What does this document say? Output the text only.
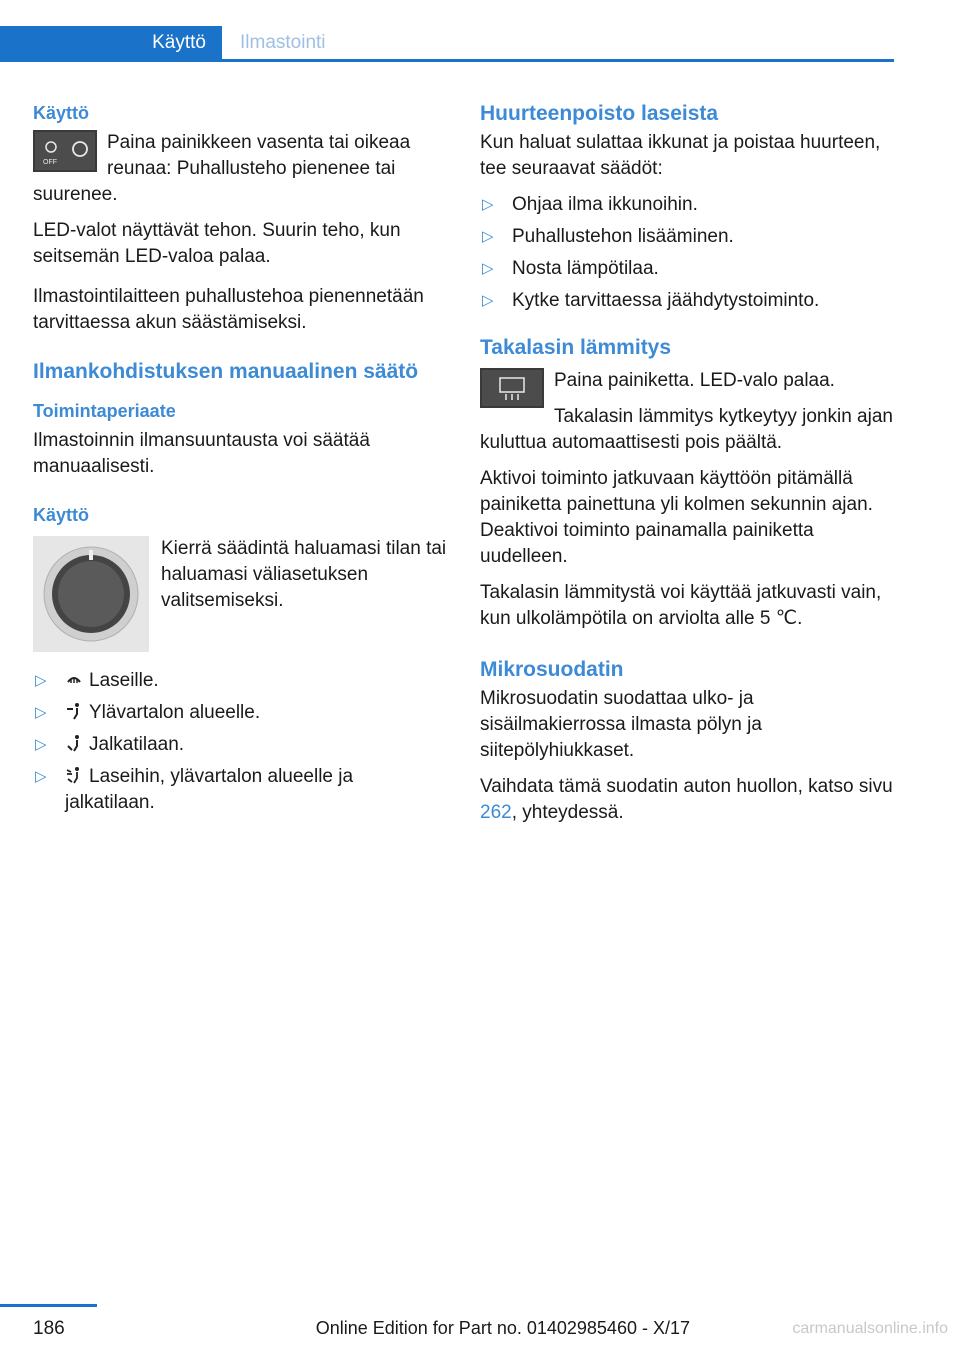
Käyttö	Ilmastointi
Käyttö
OFF

Paina painikkeen vasenta tai oikeaa reunaa: Puhallusteho pienenee tai suurenee.

LED-valot näyttävät tehon. Suurin teho, kun seitsemän LED-valoa palaa.

Ilmastointilaitteen puhallustehoa pienennetään tarvittaessa akun säästämiseksi.

Ilmankohdistuksen manuaalinen säätö
Toimintaperiaate

Ilmastoinnin ilmansuuntausta voi säätää manuaalisesti.

Käyttö

Kierrä säädintä haluamasi tilan tai haluamasi väliasetuksen valitsemiseksi.

▷ Laseille.
▷ Ylävartalon alueelle.
▷ Jalkatilaan.
▷ Laseihin, ylävartalon alueelle ja jalkatilaan.
Huurteenpoisto laseista

Kun haluat sulattaa ikkunat ja poistaa huurteen, tee seuraavat säädöt:

▷ Ohjaa ilma ikkunoihin.
▷ Puhallustehon lisääminen.
▷ Nosta lämpötilaa.
▷ Kytke tarvittaessa jäähdytystoiminto.
Takalasin lämmitys

Paina painiketta. LED-valo palaa.

Takalasin lämmitys kytkeytyy jonkin ajan kuluttua automaattisesti pois päältä.

Aktivoi toiminto jatkuvaan käyttöön pitämällä painiketta painettuna yli kolmen sekunnin ajan. Deaktivoi toiminto painamalla painiketta uudelleen.

Takalasin lämmitystä voi käyttää jatkuvasti vain, kun ulkolämpötila on arviolta alle 5 ℃.

Mikrosuodatin

Mikrosuodatin suodattaa ulko- ja sisäilmakierrossa ilmasta pölyn ja siitepölyhiukkaset.

Vaihdata tämä suodatin auton huollon, katso sivu 262, yhteydessä.

186	Online Edition for Part no. 01402985460 - X/17	carmanualsonline.info
